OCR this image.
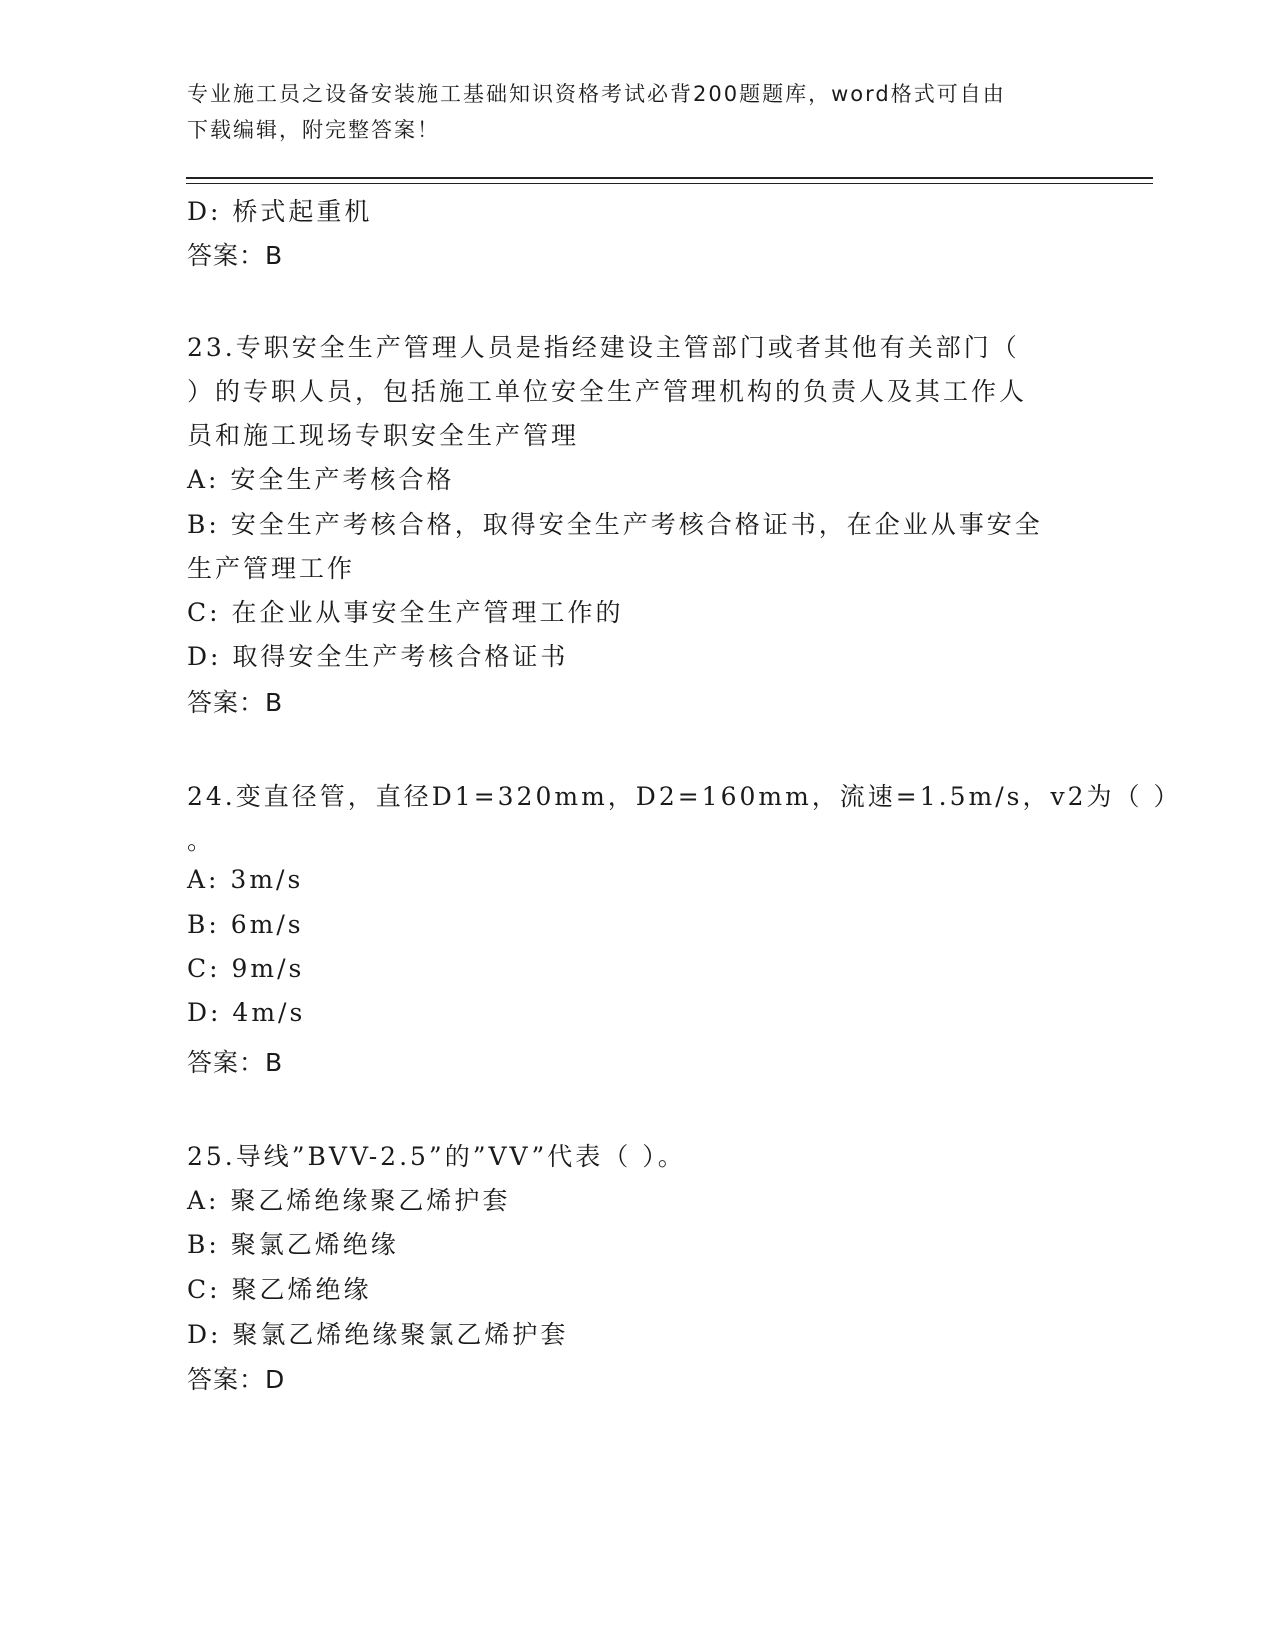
专业施工员之设备安装施工基础知识资格考试必背200题题库，word格式可自由
下载编辑，附完整答案！
D: 桥式起重机
答案：B
23.专职安全生产管理人员是指经建设主管部门或者其他有关部门（
）的专职人员，包括施工单位安全生产管理机构的负责人及其工作人
员和施工现场专职安全生产管理
A: 安全生产考核合格
B: 安全生产考核合格，取得安全生产考核合格证书，在企业从事安全
生产管理工作
C: 在企业从事安全生产管理工作的
D: 取得安全生产考核合格证书
答案：B
24.变直径管，直径D1=320mm，D2=160mm，流速=1.5m/s，v2为（ ）
。
A: 3m/s
B: 6m/s
C: 9m/s
D: 4m/s
答案：B
25.导线”BVV-2.5”的”VV”代表（ ）。
A: 聚乙烯绝缘聚乙烯护套
B: 聚氯乙烯绝缘
C: 聚乙烯绝缘
D: 聚氯乙烯绝缘聚氯乙烯护套
答案：D
